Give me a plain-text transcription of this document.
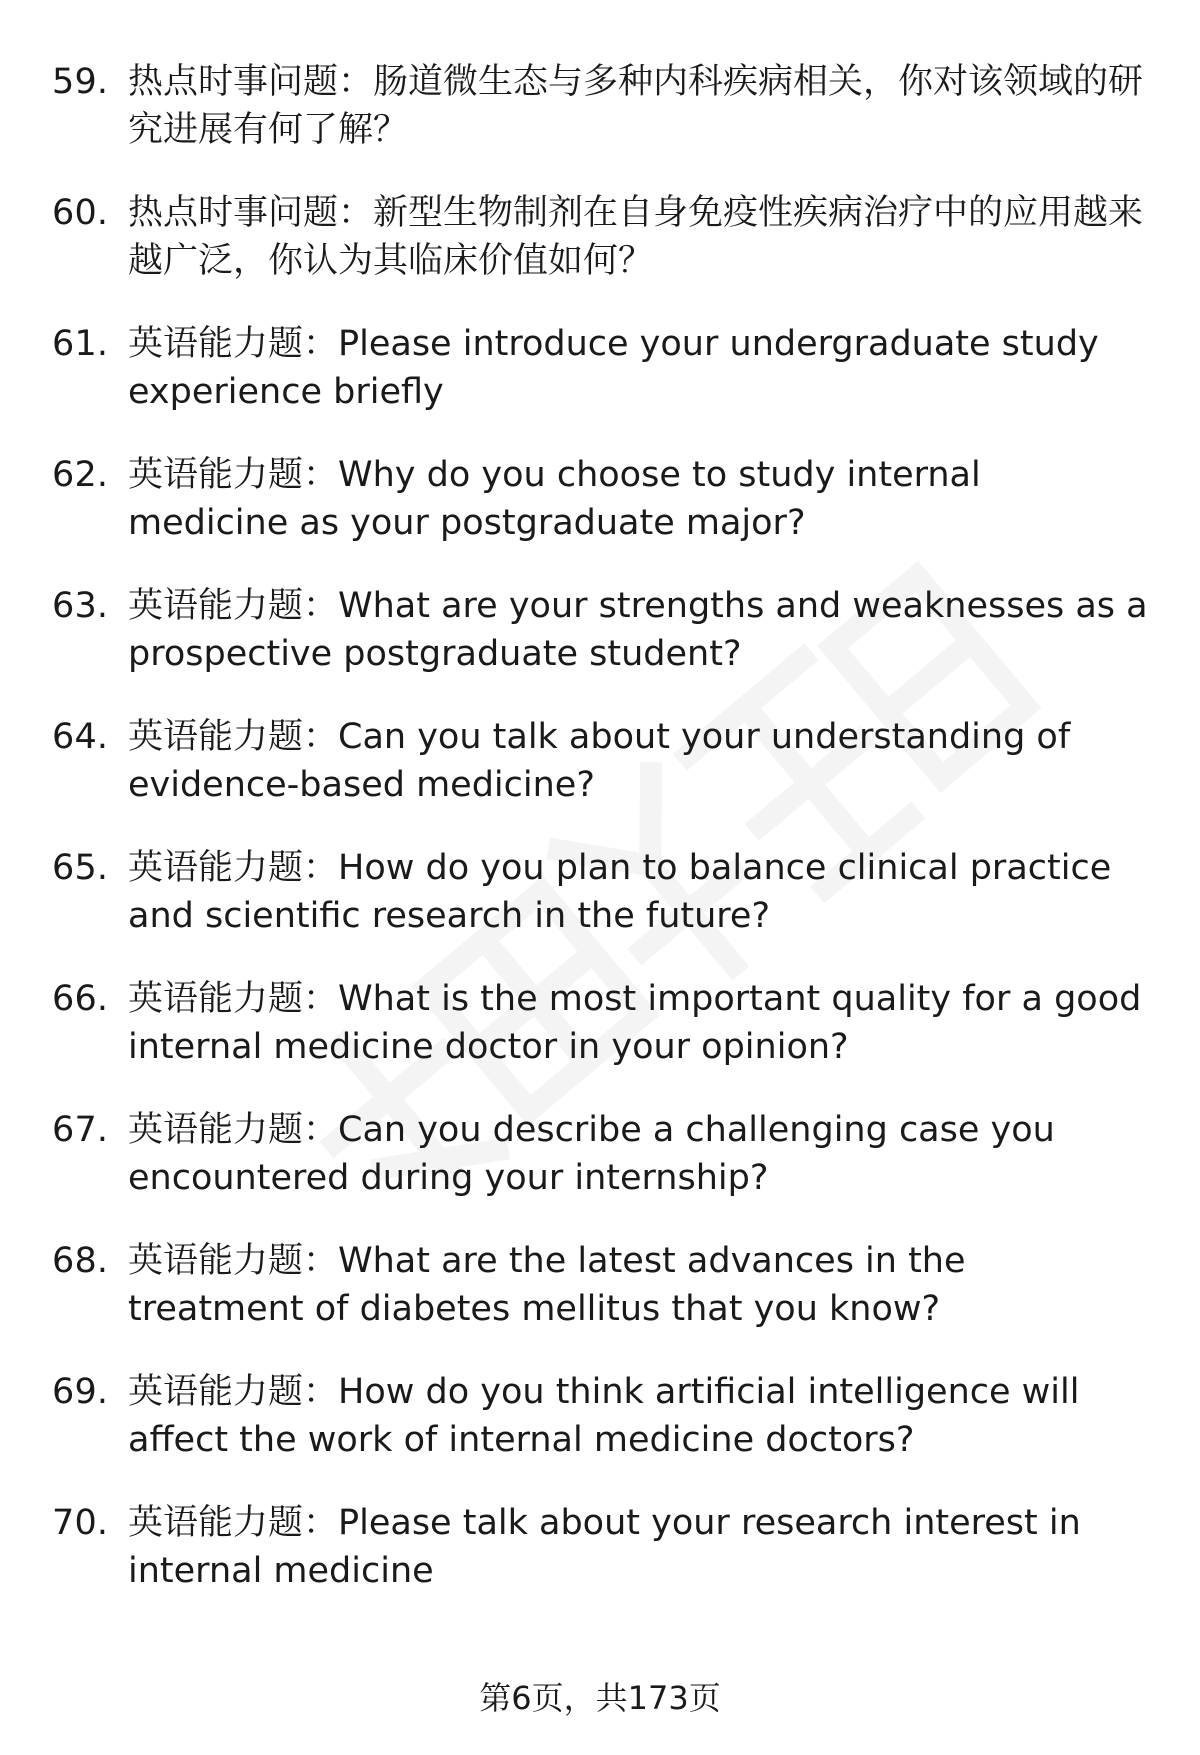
59. 热点时事问题：肠道微生态与多种内科疾病相关，你对该领域的研究进展有何了解？
60. 热点时事问题：新型生物制剂在自身免疫性疾病治疗中的应用越来越广泛，你认为其临床价值如何？
61. 英语能力题：Please introduce your undergraduate study experience briefly
62. 英语能力题：Why do you choose to study internal medicine as your postgraduate major?
63. 英语能力题：What are your strengths and weaknesses as a prospective postgraduate student?
64. 英语能力题：Can you talk about your understanding of evidence-based medicine?
65. 英语能力题：How do you plan to balance clinical practice and scientific research in the future?
66. 英语能力题：What is the most important quality for a good internal medicine doctor in your opinion?
67. 英语能力题：Can you describe a challenging case you encountered during your internship?
68. 英语能力题：What are the latest advances in the treatment of diabetes mellitus that you know?
69. 英语能力题：How do you think artificial intelligence will affect the work of internal medicine doctors?
70. 英语能力题：Please talk about your research interest in internal medicine
第6页，共173页
